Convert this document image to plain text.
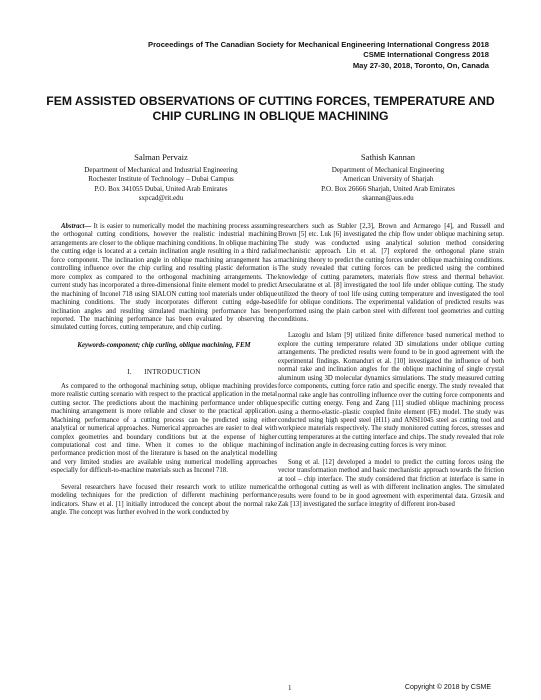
Proceedings of The Canadian Society for Mechanical Engineering International Congress 2018
CSME International Congress 2018
May 27-30, 2018, Toronto, On, Canada
FEM ASSISTED OBSERVATIONS OF CUTTING FORCES, TEMPERATURE AND
CHIP CURLING IN OBLIQUE MACHINING
Salman Pervaiz
Department of Mechanical and Industrial Engineering
Rochester Institute of Technology – Dubai Campus
P.O. Box 341055 Dubai, United Arab Emirates
sxpcad@rit.edu
Sathish Kannan
Department of Mechanical Engineering
American University of Sharjah
P.O. Box 26666 Sharjah, United Arab Emirates
skannan@aus.edu

Abstract— It is easier to numerically model the machining process assuming the orthogonal cutting conditions, however the realistic industrial machining arrangements are closer to the oblique machining conditions. In oblique machining the cutting edge is located at a certain inclination angle resulting in a third radial force component. The inclination angle in oblique machining arrangement has a controlling influence over the chip curling and resulting plastic deformation is more complex as compared to the orthogonal machining arrangements. The current study has incorporated a three-dimensional finite element model to predict the machining of Inconel 718 using SIALON cutting tool materials under oblique machining conditions. The study incorporates different cutting edge-based inclination angles and resulting simulated machining performance has been reported. The machining performance has been evaluated by observing the simulated cutting forces, cutting temperature, and chip curling.

Keywords-component; chip curling, oblique machining, FEM
I.      INTRODUCTION

As compared to the orthogonal machining setup, oblique machining provides more realistic cutting scenario with respect to the practical application in the metal cutting sector. The predictions about the machining performance under oblique machining arrangement is more reliable and closer to the practical application. Machining performance of a cutting process can be predicted using either analytical or numerical approaches. Numerical approaches are easier to deal with complex geometries and boundary conditions but at the expense of higher computational cost and time. When it comes to the oblique machining performance prediction most of the literature is based on the analytical modelling and very limited studies are available using numerical modelling approaches especially for difficult-to-machine materials such as Inconel 718.

Several researchers have focused their research work to utilize numerical modeling techniques for the prediction of different machining performance indicators. Shaw et al. [1] initially introduced the concept about the normal rake angle. The concept was further evolved in the work conducted by

researchers such as Stabler [2,3], Brown and Armarego [4], and Russell and Brown [5] etc. Luk [6] investigated the chip flow under oblique machining setup. The study was conducted using analytical solution method considering mechanistic approach. Lin et al. [7] explored the orthogonal plane strain machining theory to predict the cutting forces under oblique machining conditions. The study revealed that cutting forces can be predicted using the combined knowledge of cutting parameters, materials flow stress and thermal behavior. Arsecularatne et al. [8] investigated the tool life under oblique cutting. The study utilized the theory of tool life using cutting temperature and investigated the tool life for oblique conditions. The experimental validation of predicted results was performed using the plain carbon steel with different tool geometries and cutting conditions.

Lazoglu and Islam [9] utilized finite difference based numerical method to explore the cutting temperature related 3D simulations under oblique cutting arrangements. The predicted results were found to be in good agreement with the experimental findings. Komanduri et al. [10] investigated the influence of both normal rake and inclination angles for the oblique machining of single crystal aluminum using 3D molecular dynamics simulations. The study measured cutting force components, cutting force ratio and specific energy. The study revealed that normal rake angle has controlling influence over the cutting force components and specific cutting energy. Feng and Zang [11] studied oblique machining process using a thermo-elastic–plastic coupled finite element (FE) model. The study was conducted using high speed steel (H11) and ANSI1045 steel as cutting tool and workpiece materials respectively. The study monitored cutting forces, stresses and cutting temperatures at the cutting interface and chips. The study revealed that role of inclination angle in decreasing cutting forces is very minor.

Song et al. [12] developed a model to predict the cutting forces using the vector transformation method and basic mechanistic approach towards the friction at tool – chip interface. The study considered that friction at interface is same in the orthogonal cutting as well as with different inclination angles. The simulated results were found to be in good agreement with experimental data. Grzesik and Zak [13] investigated the surface integrity of different iron-based

1	Copyright © 2018 by CSME
